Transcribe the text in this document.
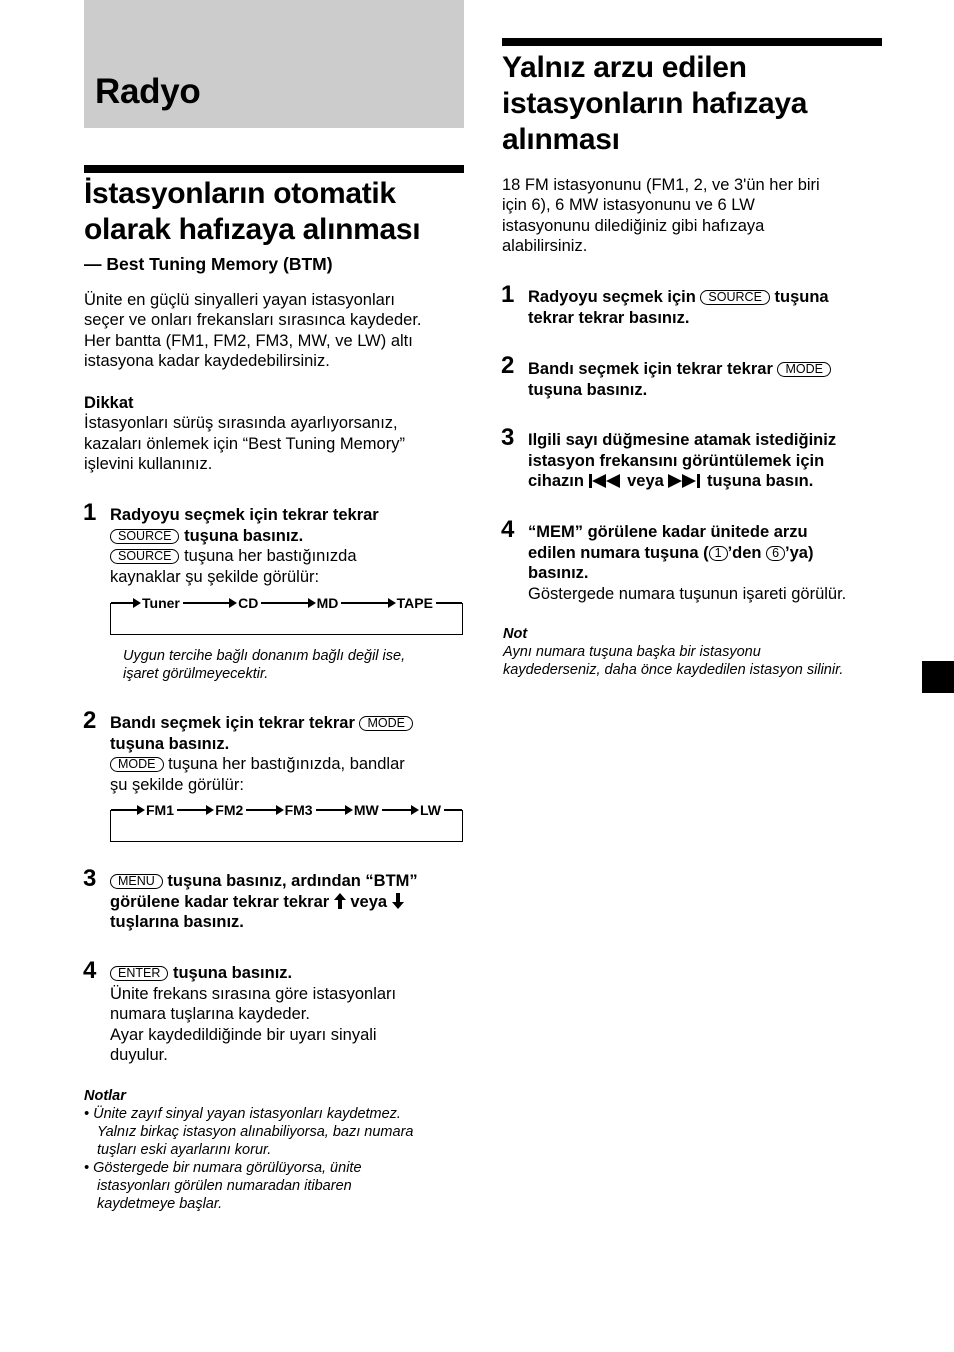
Radyo
İstasyonların otomatik
olarak hafızaya alınması

— Best Tuning Memory (BTM)

Ünite en güçlü sinyalleri yayan istasyonları
seçer ve onları frekansları sırasınca kaydeder.
Her bantta (FM1, FM2, FM3, MW, ve LW) altı
istasyona kadar kaydedebilirsiniz.

Dikkat
İstasyonları sürüş sırasında ayarlıyorsanız,
kazaları önlemek için “Best Tuning Memory”
işlevini kullanınız.

1 Radyoyu seçmek için tekrar tekrar
SOURCE tuşuna basınız.
SOURCE tuşuna her bastığınızda
kaynaklar şu şekilde görülür:
Tuner	CD	MD	TAPE

Uygun tercihe bağlı donanım bağlı değil ise,
işaret görülmeyecektir.

2 Bandı seçmek için tekrar tekrar MODE
tuşuna basınız.
MODE tuşuna her bastığınızda, bandlar
şu şekilde görülür:
FM1	FM2	FM3	MW	LW
3	MENU tuşuna basınız, ardından “BTM”
görülene kadar tekrar tekrar  veya
tuşlarına basınız.
4	ENTER tuşuna basınız.
Ünite frekans sırasına göre istasyonları
numara tuşlarına kaydeder.
Ayar kaydedildiğinde bir uyarı sinyali
duyulur.

Notlar
• Ünite zayıf sinyal yayan istasyonları kaydetmez.
Yalnız birkaç istasyon alınabiliyorsa, bazı numara
tuşları eski ayarlarını korur.
• Göstergede bir numara görülüyorsa, ünite
istasyonları görülen numaradan itibaren
kaydetmeye başlar.

Yalnız arzu edilen
istasyonların hafızaya
alınması

18 FM istasyonunu (FM1, 2, ve 3'ün her biri
için 6), 6 MW istasyonunu ve 6 LW
istasyonunu dilediğiniz gibi hafızaya
alabilirsiniz.

1 Radyoyu seçmek için SOURCE tuşuna
tekrar tekrar basınız.
2 Bandı seçmek için tekrar tekrar MODE
tuşuna basınız.
3 Ilgili sayı düğmesine atamak istediğiniz
istasyon frekansını görüntülemek için
cihazın  veya  tuşuna basın.
4 “MEM” görülene kadar ünitede arzu
edilen numara tuşuna ( 1 ’den 6 ’ya)
basınız.
Göstergede numara tuşunun işareti görülür.

Not
Aynı numara tuşuna başka bir istasyonu
kaydederseniz, daha önce kaydedilen istasyon silinir.
